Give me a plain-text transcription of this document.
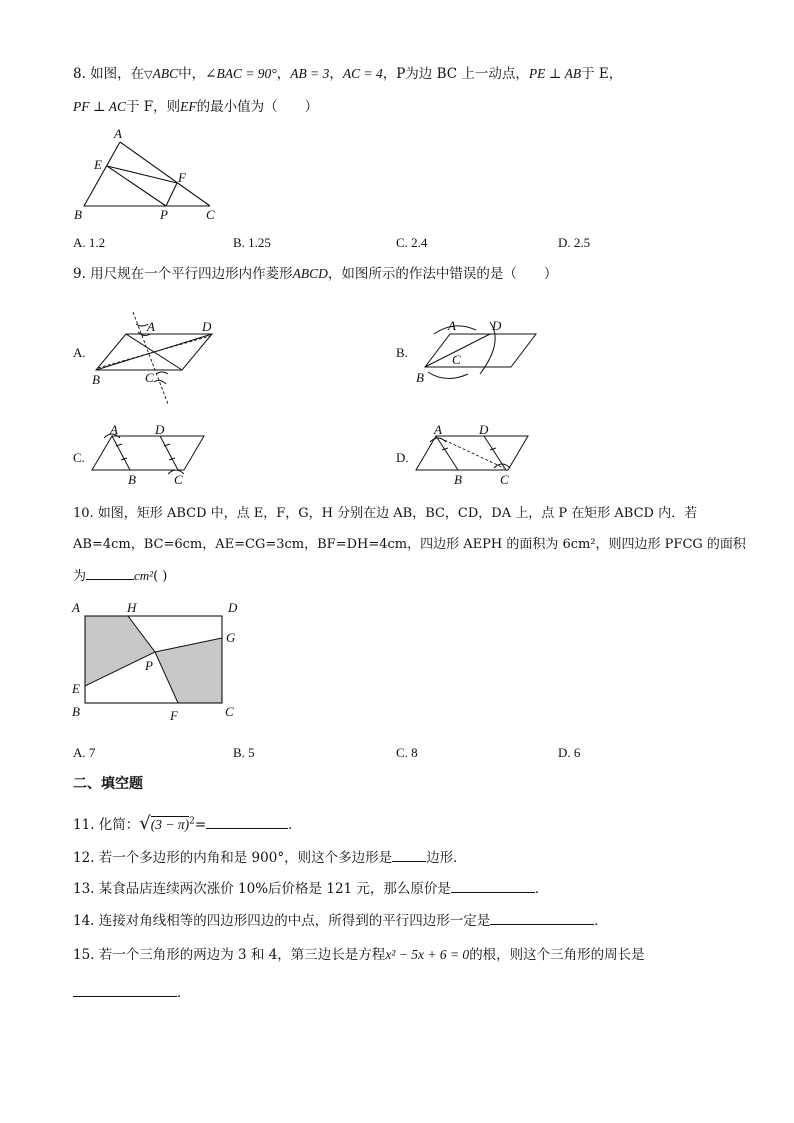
8. 如图，在▽ABC中，∠BAC = 90°，AB = 3，AC = 4，P为边 BC 上一动点，PE ⊥ AB于 E，
PF ⊥ AC于 F，则EF的最小值为（　　）
A
E
F
B	P	C
A. 1.2	B. 1.25	C. 2.4	D. 2.5
9. 用尺规在一个平行四边形内作菱形ABCD，如图所示的作法中错误的是（　　）
A.
A	D
B	C
B.
A	D
B
C
C.
A	D
B	C
D.
A	D
B	C
10. 如图，矩形 ABCD 中，点 E，F，G，H 分别在边 AB，BC，CD，DA 上，点 P 在矩形 ABCD 内．若
AB=4cm，BC=6cm，AE=CG=3cm，BF=DH=4cm，四边形 AEPH 的面积为 6cm²，则四边形 PFCG 的面积
为	cm²( )
A	H	D
G
P
E
B	F	C
A. 7	B. 5	C. 8	D. 6
二、填空题
11. 化简：$√(3 - \pi)^2=$	．
12. 若一个多边形的内角和是 900°，则这个多边形是	边形．
13. 某食品店连续两次涨价 10%后价格是 121 元，那么原价是	．
14. 连接对角线相等的四边形四边的中点，所得到的平行四边形一定是	．
15. 若一个三角形的两边为 3 和 4，第三边长是方程x² − 5x + 6 = 0的根，则这个三角形的周长是
．
